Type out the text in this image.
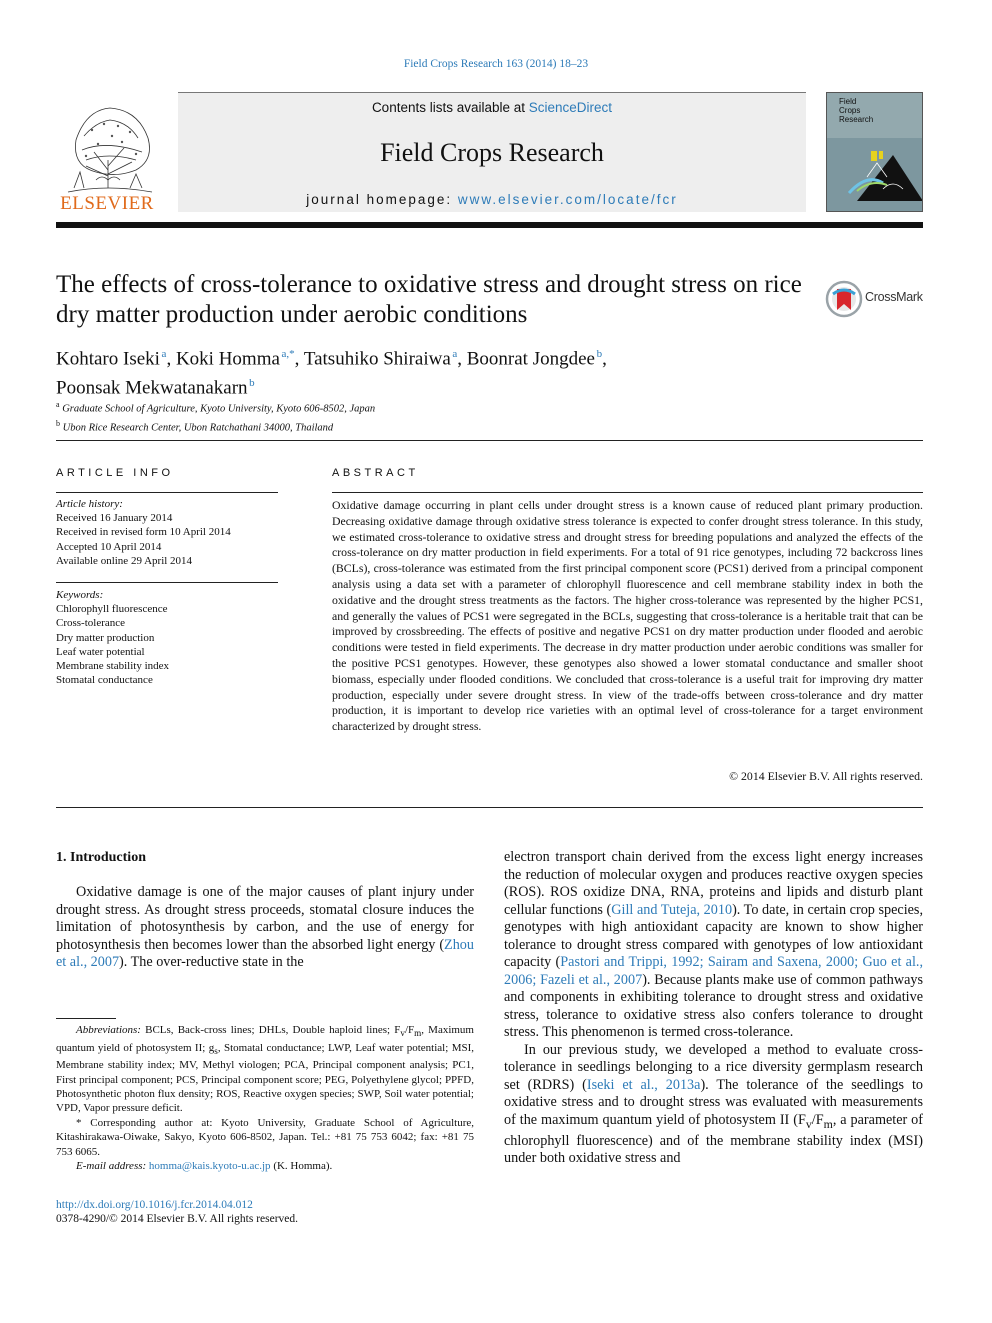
Field Crops Research 163 (2014) 18–23
ELSEVIER
Contents lists available at ScienceDirect
Field Crops Research
journal homepage: www.elsevier.com/locate/fcr
Field
Crops
Research
The effects of cross-tolerance to oxidative stress and drought stress on rice dry matter production under aerobic conditions
CrossMark
Kohtaro Iseki  $^a$, Koki Homma  $^{a,*}$, Tatsuhiko Shiraiwa  $^a$, Boonrat Jongdee  $^b$,
Poonsak Mekwatanakarn  $^b$
$^a$ Graduate School of Agriculture, Kyoto University, Kyoto 606-8502, Japan
$^b$ Ubon Rice Research Center, Ubon Ratchathani 34000, Thailand
ARTICLE INFO
Article history:
Received 16 January 2014
Received in revised form 10 April 2014
Accepted 10 April 2014
Available online 29 April 2014
Keywords:
Chlorophyll fluorescence
Cross-tolerance
Dry matter production
Leaf water potential
Membrane stability index
Stomatal conductance
ABSTRACT
Oxidative damage occurring in plant cells under drought stress is a known cause of reduced plant primary production. Decreasing oxidative damage through oxidative stress tolerance is expected to confer drought stress tolerance. In this study, we estimated cross-tolerance to oxidative stress and drought stress for breeding populations and analyzed the effects of the cross-tolerance on dry matter production in field experiments. For a total of 91 rice genotypes, including 72 backcross lines (BCLs), cross-tolerance was estimated from the first principal component score (PCS1) derived from a principal component analysis using a data set with a parameter of chlorophyll fluorescence and cell membrane stability index in both the oxidative and the drought stress treatments as the factors. The higher cross-tolerance was represented by the higher PCS1, and generally the values of PCS1 were segregated in the BCLs, suggesting that cross-tolerance is a heritable trait that can be improved by crossbreeding. The effects of positive and negative PCS1 on dry matter production under flooded and aerobic conditions were tested in field experiments. The decrease in dry matter production under aerobic conditions was smaller for the positive PCS1 genotypes. However, these genotypes also showed a lower stomatal conductance and smaller shoot biomass, especially under flooded conditions. We concluded that cross-tolerance is a useful trait for improving dry matter production, especially under severe drought stress. In view of the trade-offs between cross-tolerance and dry matter production, it is important to develop rice varieties with an optimal level of cross-tolerance for a target environment characterized by drought stress.
© 2014 Elsevier B.V. All rights reserved.
1. Introduction

Oxidative damage is one of the major causes of plant injury under drought stress. As drought stress proceeds, stomatal closure induces the limitation of photosynthesis by carbon, and the use of energy for photosynthesis then becomes lower than the absorbed light energy (Zhou et al., 2007). The over-reductive state in the

electron transport chain derived from the excess light energy increases the reduction of molecular oxygen and produces reactive oxygen species (ROS). ROS oxidize DNA, RNA, proteins and lipids and disturb plant cellular functions (Gill and Tuteja, 2010). To date, in certain crop species, genotypes with high antioxidant capacity are known to show higher tolerance to drought stress compared with genotypes of low antioxidant capacity (Pastori and Trippi, 1992; Sairam and Saxena, 2000; Guo et al., 2006; Fazeli et al., 2007). Because plants make use of common pathways and components in exhibiting tolerance to drought stress and oxidative stress, tolerance to oxidative stress also confers tolerance to drought stress. This phenomenon is termed cross-tolerance.

In our previous study, we developed a method to evaluate cross-tolerance in seedlings belonging to a rice diversity germplasm research set (RDRS) (Iseki et al., 2013a). The tolerance of the seedlings to oxidative stress and to drought stress was evaluated with measurements of the maximum quantum yield of photosystem II ($F_v/F_m$, a parameter of chlorophyll fluorescence) and of the membrane stability index (MSI) under both oxidative stress and

Abbreviations: BCLs, Back-cross lines; DHLs, Double haploid lines; $F_v/F_m$, Maximum quantum yield of photosystem II; $g_s$, Stomatal conductance; LWP, Leaf water potential; MSI, Membrane stability index; MV, Methyl viologen; PCA, Principal component analysis; PC1, First principal component; PCS, Principal component score; PEG, Polyethylene glycol; PPFD, Photosynthetic photon flux density; ROS, Reactive oxygen species; SWP, Soil water potential; VPD, Vapor pressure deficit.

* Corresponding author at: Kyoto University, Graduate School of Agriculture, Kitashirakawa-Oiwake, Sakyo, Kyoto 606-8502, Japan. Tel.: +81 75 753 6042; fax: +81 75 753 6065.

E-mail address: homma@kais.kyoto-u.ac.jp (K. Homma).

http://dx.doi.org/10.1016/j.fcr.2014.04.012
0378-4290/© 2014 Elsevier B.V. All rights reserved.
